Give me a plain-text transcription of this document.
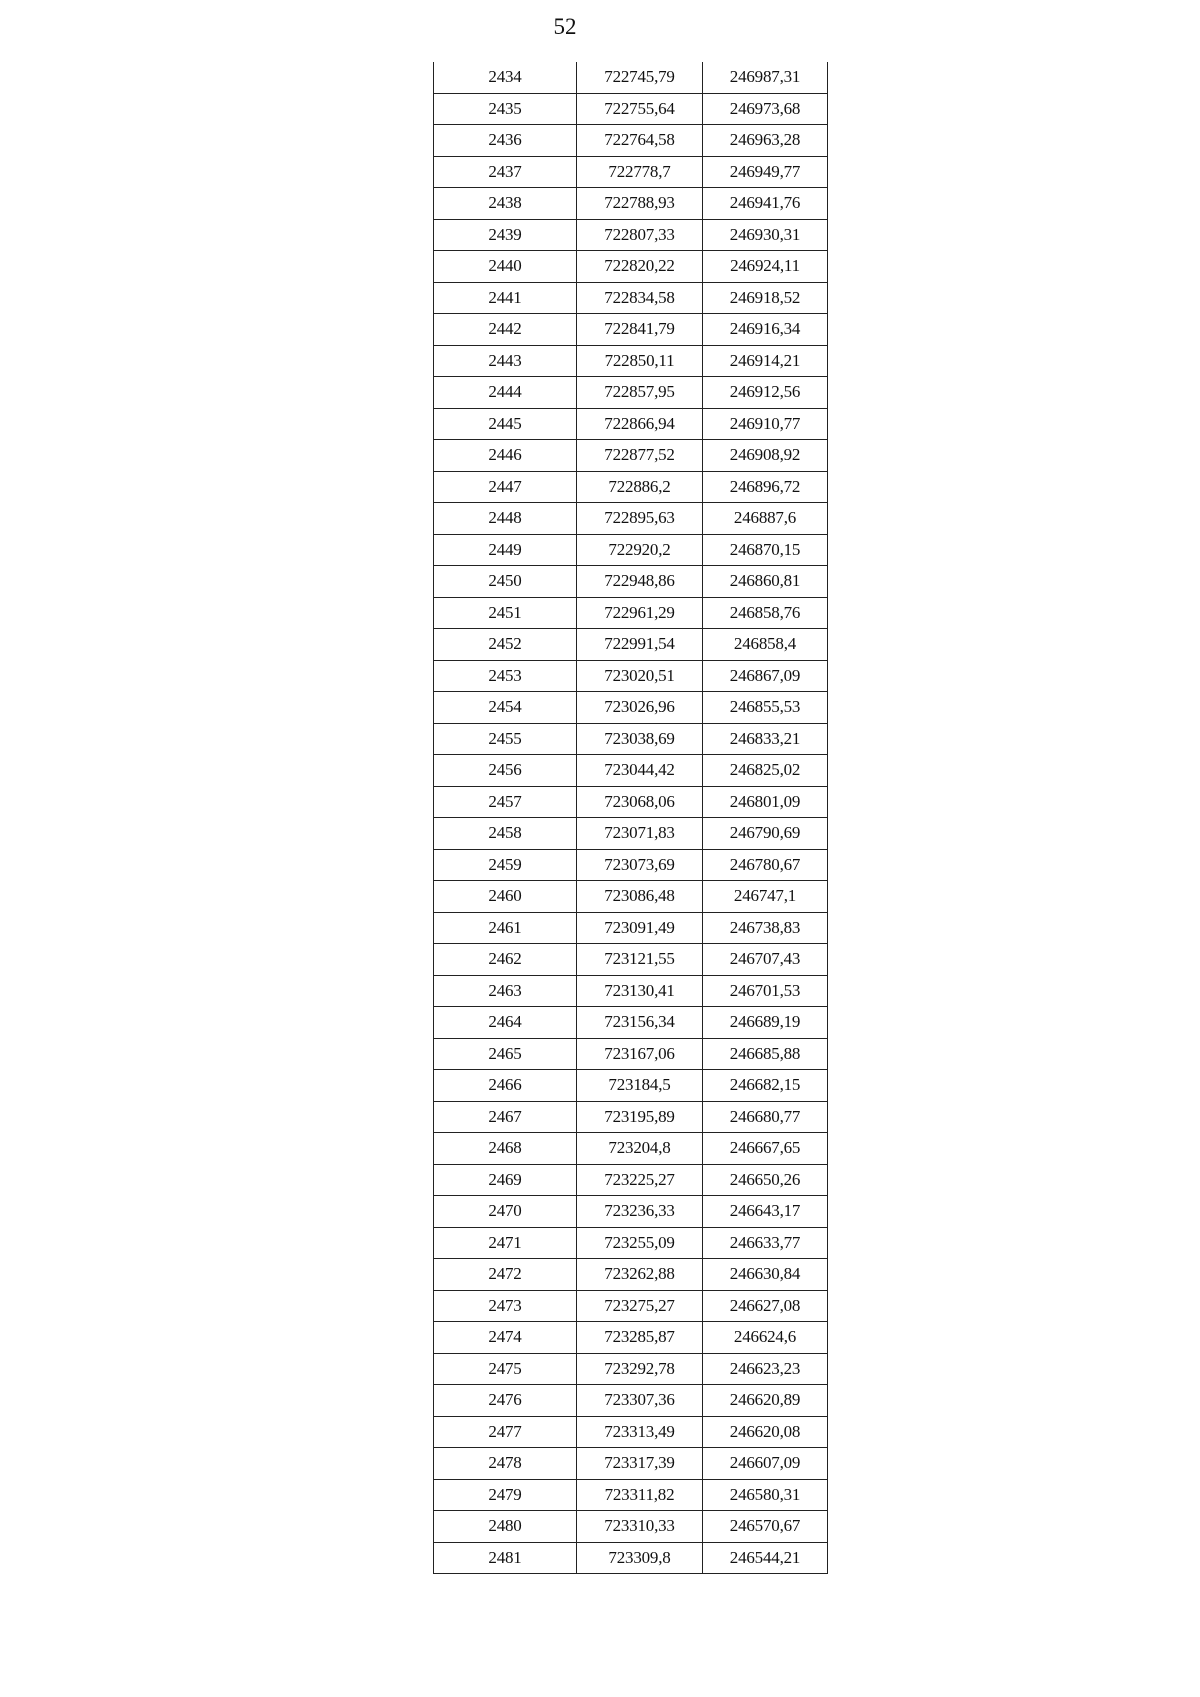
52
2434	722745,79	246987,31
2435	722755,64	246973,68
2436	722764,58	246963,28
2437	722778,7	246949,77
2438	722788,93	246941,76
2439	722807,33	246930,31
2440	722820,22	246924,11
2441	722834,58	246918,52
2442	722841,79	246916,34
2443	722850,11	246914,21
2444	722857,95	246912,56
2445	722866,94	246910,77
2446	722877,52	246908,92
2447	722886,2	246896,72
2448	722895,63	246887,6
2449	722920,2	246870,15
2450	722948,86	246860,81
2451	722961,29	246858,76
2452	722991,54	246858,4
2453	723020,51	246867,09
2454	723026,96	246855,53
2455	723038,69	246833,21
2456	723044,42	246825,02
2457	723068,06	246801,09
2458	723071,83	246790,69
2459	723073,69	246780,67
2460	723086,48	246747,1
2461	723091,49	246738,83
2462	723121,55	246707,43
2463	723130,41	246701,53
2464	723156,34	246689,19
2465	723167,06	246685,88
2466	723184,5	246682,15
2467	723195,89	246680,77
2468	723204,8	246667,65
2469	723225,27	246650,26
2470	723236,33	246643,17
2471	723255,09	246633,77
2472	723262,88	246630,84
2473	723275,27	246627,08
2474	723285,87	246624,6
2475	723292,78	246623,23
2476	723307,36	246620,89
2477	723313,49	246620,08
2478	723317,39	246607,09
2479	723311,82	246580,31
2480	723310,33	246570,67
2481	723309,8	246544,21
